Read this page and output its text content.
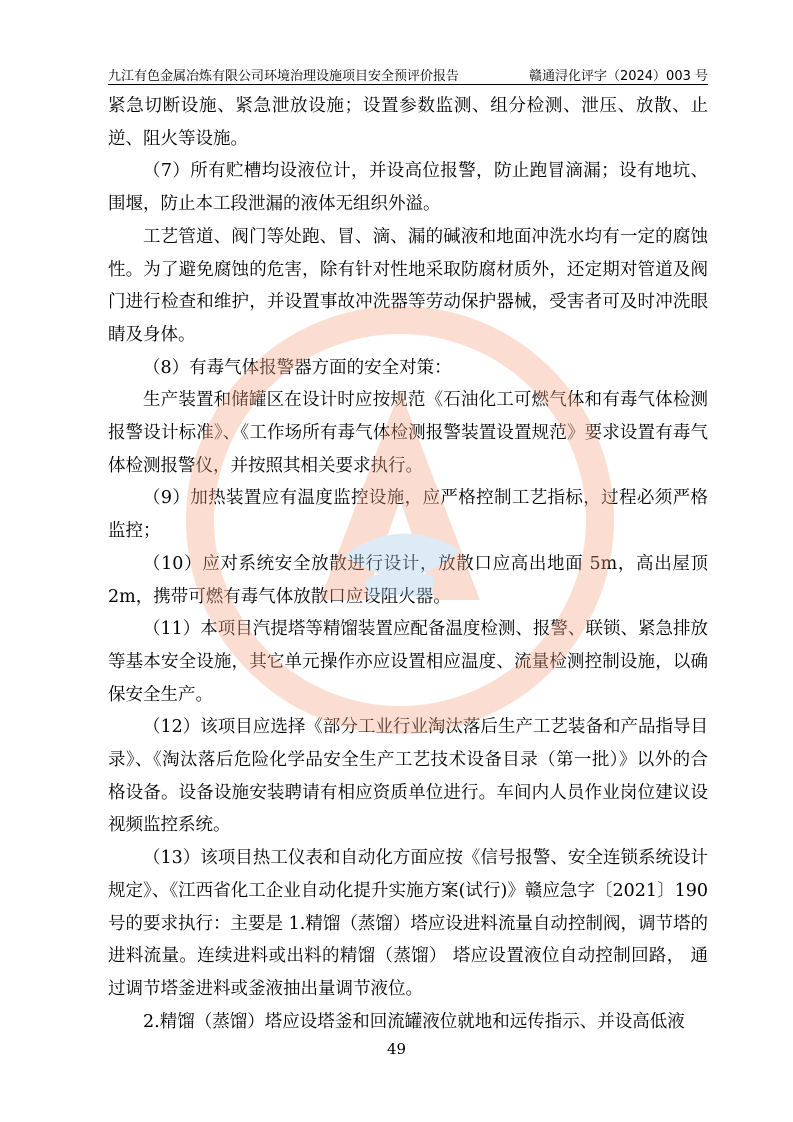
九江有色金属冶炼有限公司环境治理设施项目安全预评价报告	赣通浔化评字（2024）003 号

紧急切断设施、紧急泄放设施；设置参数监测、组分检测、泄压、放散、止逆、阻火等设施。

（7）所有贮槽均设液位计，并设高位报警，防止跑冒滴漏；设有地坑、围堰，防止本工段泄漏的液体无组织外溢。

工艺管道、阀门等处跑、冒、滴、漏的碱液和地面冲洗水均有一定的腐蚀性。为了避免腐蚀的危害，除有针对性地采取防腐材质外，还定期对管道及阀门进行检查和维护，并设置事故冲洗器等劳动保护器械，受害者可及时冲洗眼睛及身体。

（8）有毒气体报警器方面的安全对策：

生产装置和储罐区在设计时应按规范《石油化工可燃气体和有毒气体检测报警设计标准》、《工作场所有毒气体检测报警装置设置规范》要求设置有毒气体检测报警仪，并按照其相关要求执行。

（9）加热装置应有温度监控设施，应严格控制工艺指标，过程必须严格监控；

（10）应对系统安全放散进行设计，放散口应高出地面 5m，高出屋顶 2m，携带可燃有毒气体放散口应设阻火器。

（11）本项目汽提塔等精馏装置应配备温度检测、报警、联锁、紧急排放等基本安全设施，其它单元操作亦应设置相应温度、流量检测控制设施，以确保安全生产。

（12）该项目应选择《部分工业行业淘汰落后生产工艺装备和产品指导目录》、《淘汰落后危险化学品安全生产工艺技术设备目录（第一批）》以外的合格设备。设备设施安装聘请有相应资质单位进行。车间内人员作业岗位建议设视频监控系统。

（13）该项目热工仪表和自动化方面应按《信号报警、安全连锁系统设计规定》、《江西省化工企业自动化提升实施方案(试行)》赣应急字〔2021〕190 号的要求执行：主要是 1.精馏（蒸馏）塔应设进料流量自动控制阀，调节塔的进料流量。连续进料或出料的精馏（蒸馏） 塔应设置液位自动控制回路， 通过调节塔釜进料或釜液抽出量调节液位。

2.精馏（蒸馏）塔应设塔釜和回流罐液位就地和远传指示、并设高低液

49
